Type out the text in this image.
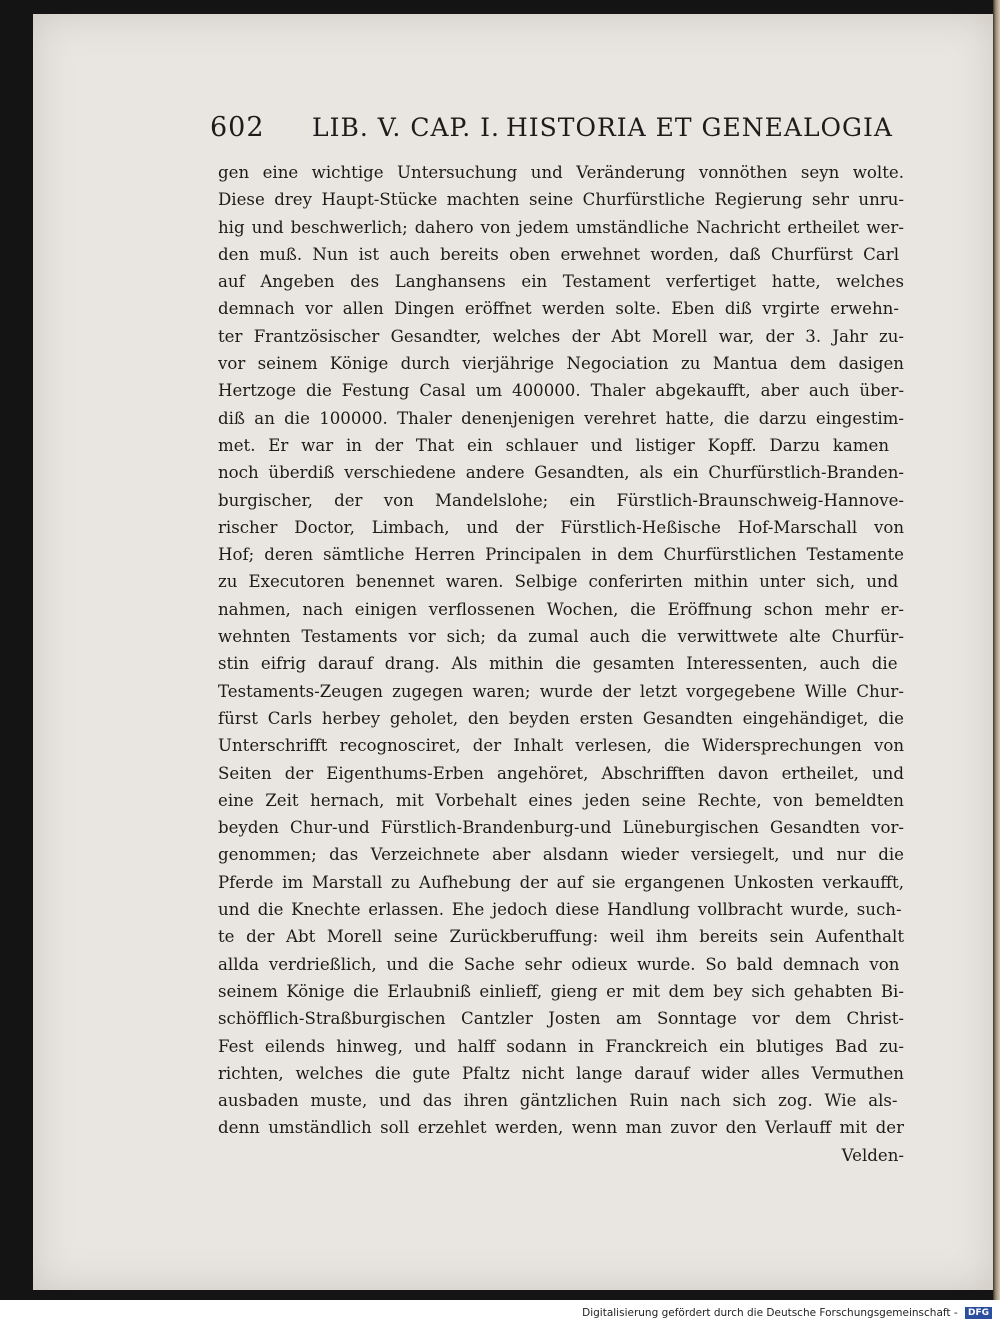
602 LIB. V. CAP. I. HISTORIA ET GENEALOGIA
gen eine wichtige Untersuchung und Veränderung vonnöthen seyn wolte.
Diese drey Haupt-Stücke machten seine Churfürstliche Regierung sehr unru-
hig und beschwerlich; dahero von jedem umständliche Nachricht ertheilet wer-
den muß. Nun ist auch bereits oben erwehnet worden, daß Churfürst Carl
auf Angeben des Langhansens ein Testament verfertiget hatte, welches
demnach vor allen Dingen eröffnet werden solte. Eben diß vrgirte erwehn-
ter Frantzösischer Gesandter, welches der Abt Morell war, der 3. Jahr zu-
vor seinem Könige durch vierjährige Negociation zu Mantua dem dasigen
Hertzoge die Festung Casal um 400000. Thaler abgekaufft, aber auch über-
diß an die 100000. Thaler denenjenigen verehret hatte, die darzu eingestim-
met. Er war in der That ein schlauer und listiger Kopff. Darzu kamen
noch überdiß verschiedene andere Gesandten, als ein Churfürstlich-Branden-
burgischer, der von Mandelslohe; ein Fürstlich-Braunschweig-Hannove-
rischer Doctor, Limbach, und der Fürstlich-Heßische Hof-Marschall von
Hof; deren sämtliche Herren Principalen in dem Churfürstlichen Testamente
zu Executoren benennet waren. Selbige conferirten mithin unter sich, und
nahmen, nach einigen verflossenen Wochen, die Eröffnung schon mehr er-
wehnten Testaments vor sich; da zumal auch die verwittwete alte Churfür-
stin eifrig darauf drang. Als mithin die gesamten Interessenten, auch die
Testaments-Zeugen zugegen waren; wurde der letzt vorgegebene Wille Chur-
fürst Carls herbey geholet, den beyden ersten Gesandten eingehändiget, die
Unterschrifft recognosciret, der Inhalt verlesen, die Widersprechungen von
Seiten der Eigenthums-Erben angehöret, Abschrifften davon ertheilet, und
eine Zeit hernach, mit Vorbehalt eines jeden seine Rechte, von bemeldten
beyden Chur-und Fürstlich-Brandenburg-und Lüneburgischen Gesandten vor-
genommen; das Verzeichnete aber alsdann wieder versiegelt, und nur die
Pferde im Marstall zu Aufhebung der auf sie ergangenen Unkosten verkaufft,
und die Knechte erlassen. Ehe jedoch diese Handlung vollbracht wurde, such-
te der Abt Morell seine Zurückberuffung: weil ihm bereits sein Aufenthalt
allda verdrießlich, und die Sache sehr odieux wurde. So bald demnach von
seinem Könige die Erlaubniß einlieff, gieng er mit dem bey sich gehabten Bi-
schöfflich-Straßburgischen Cantzler Josten am Sonntage vor dem Christ-
Fest eilends hinweg, und halff sodann in Franckreich ein blutiges Bad zu-
richten, welches die gute Pfaltz nicht lange darauf wider alles Vermuthen
ausbaden muste, und das ihren gäntzlichen Ruin nach sich zog. Wie als-
denn umständlich soll erzehlet werden, wenn man zuvor den Verlauff mit der
Velden-
Digitalisierung gefördert durch die Deutsche Forschungsgemeinschaft - DFG
